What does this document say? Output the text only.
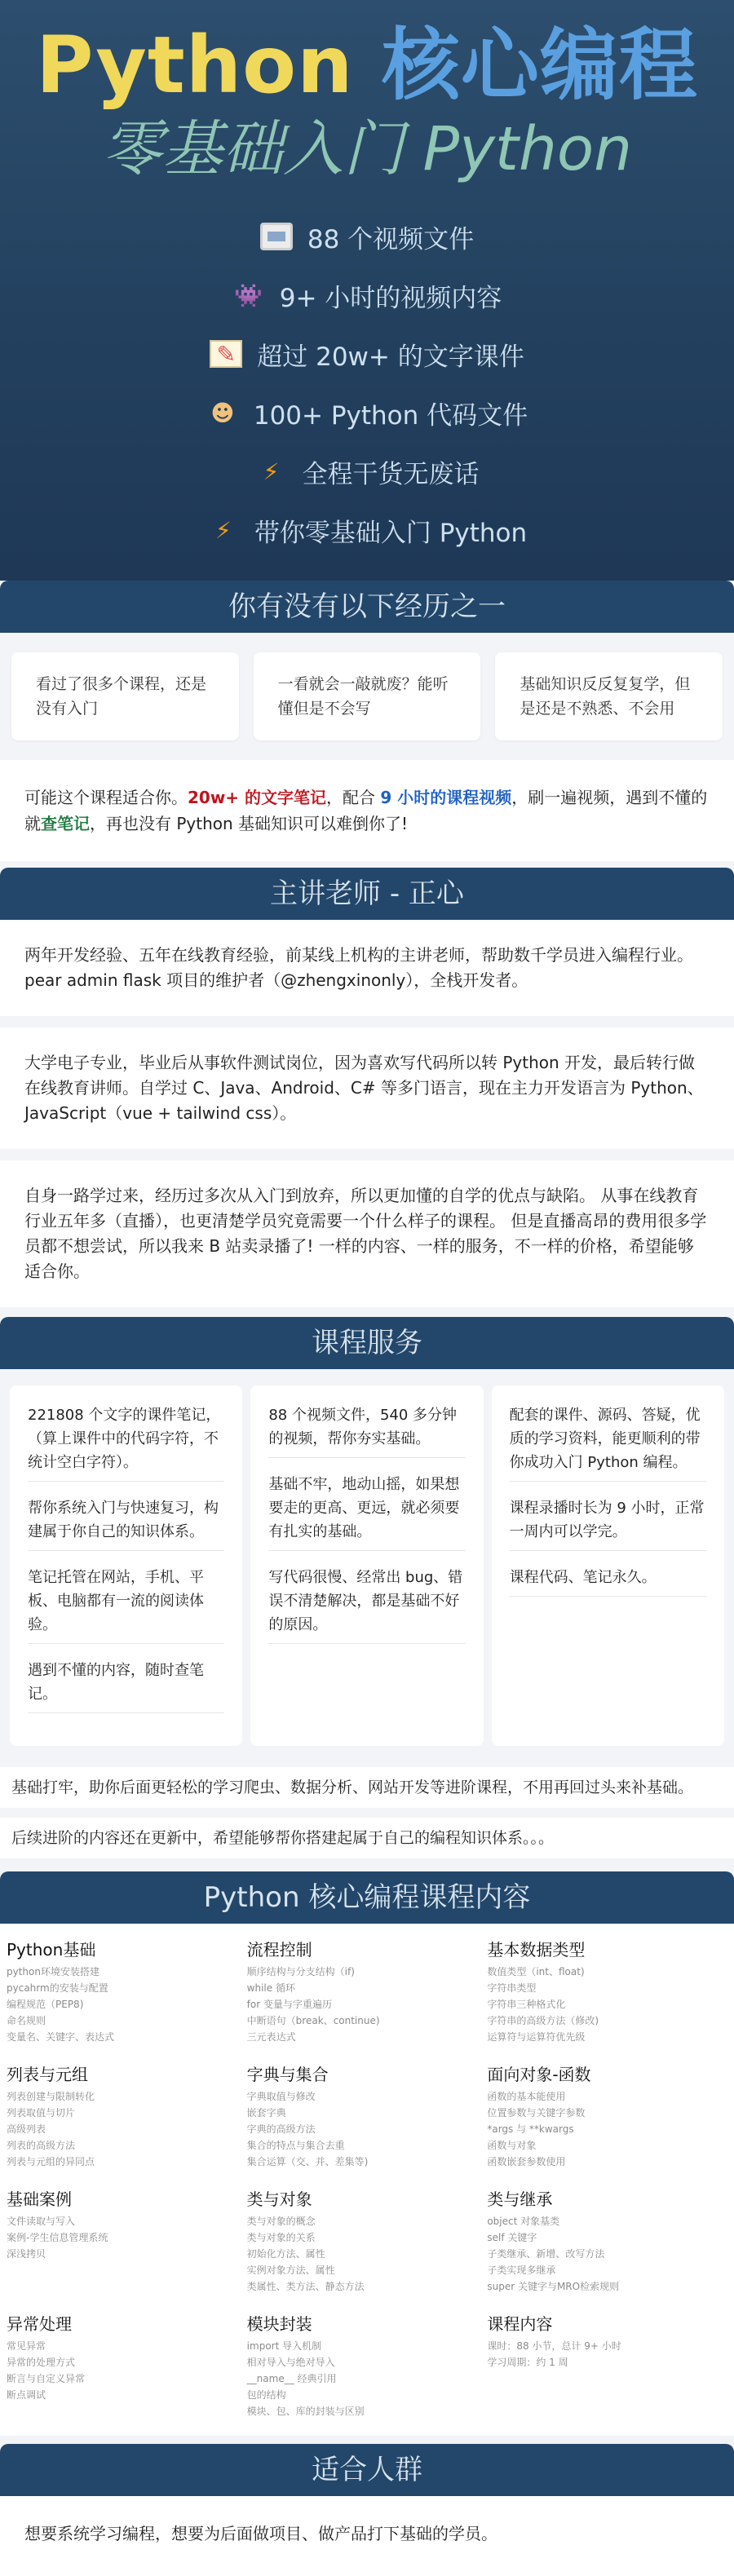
Python 核心编程
零基础入门 Python
88 个视频文件
👾 9+ 小时的视频内容
✎ 超过 20w+ 的文字课件
☻ 100+ Python 代码文件
⚡ 全程干货无废话
⚡ 带你零基础入门 Python
你有没有以下经历之一
看过了很多个课程，还是没有入门
一看就会一敲就废？能听懂但是不会写
基础知识反反复复学，但是还是不熟悉、不会用
可能这个课程适合你。20w+ 的文字笔记，配合 9 小时的课程视频，刷一遍视频，遇到不懂的就查笔记，再也没有 Python 基础知识可以难倒你了!
主讲老师 - 正心
两年开发经验、五年在线教育经验，前某线上机构的主讲老师，帮助数千学员进入编程行业。pear admin flask 项目的维护者（@zhengxinonly），全栈开发者。
大学电子专业，毕业后从事软件测试岗位，因为喜欢写代码所以转 Python 开发，最后转行做在线教育讲师。自学过 C、Java、Android、C# 等多门语言，现在主力开发语言为 Python、JavaScript（vue + tailwind css）。
自身一路学过来，经历过多次从入门到放弃，所以更加懂的自学的优点与缺陷。 从事在线教育行业五年多（直播），也更清楚学员究竟需要一个什么样子的课程。 但是直播高昂的费用很多学员都不想尝试，所以我来 B 站卖录播了! 一样的内容、一样的服务，不一样的价格，希望能够适合你。
课程服务
221808 个文字的课件笔记，（算上课件中的代码字符，不统计空白字符）。
帮你系统入门与快速复习，构建属于你自己的知识体系。
笔记托管在网站，手机、平板、电脑都有一流的阅读体验。
遇到不懂的内容，随时查笔记。
88 个视频文件，540 多分钟的视频，帮你夯实基础。
基础不牢，地动山摇，如果想要走的更高、更远，就必须要有扎实的基础。
写代码很慢、经常出 bug、错误不清楚解决，都是基础不好的原因。
配套的课件、源码、答疑，优质的学习资料，能更顺利的带你成功入门 Python 编程。
课程录播时长为 9 小时，正常一周内可以学完。
课程代码、笔记永久。
基础打牢，助你后面更轻松的学习爬虫、数据分析、网站开发等进阶课程，不用再回过头来补基础。
后续进阶的内容还在更新中，希望能够帮你搭建起属于自己的编程知识体系。。。
Python 核心编程课程内容
Python基础
python环境安装搭建
pycahrm的安装与配置
编程规范（PEP8)
命名规则
变量名、关键字、表达式
流程控制
顺序结构与分支结构（if)
while 循环
for 变量与字重遍历
中断语句（break、continue)
三元表达式
基本数据类型
数值类型（int、float)
字符串类型
字符串三种格式化
字符串的高级方法（修改)
运算符与运算符优先级
列表与元组
列表创建与限制转化
列表取值与切片
高级列表
列表的高级方法
列表与元组的异同点
字典与集合
字典取值与修改
嵌套字典
字典的高级方法
集合的特点与集合去重
集合运算（交、并、差集等)
面向对象-函数
函数的基本能使用
位置参数与关键字参数
*args 与 **kwargs
函数与对象
函数嵌套参数使用
基础案例
文件读取与写入
案例-学生信息管理系统
深浅拷贝
类与对象
类与对象的概念
类与对象的关系
初始化方法、属性
实例对象方法、属性
类属性、类方法、静态方法
类与继承
object 对象基类
self 关键字
子类继承、新增、改写方法
子类实现多继承
super 关键字与MRO检索规则
异常处理
常见异常
异常的处理方式
断言与自定义异常
断点调试
模块封装
import 导入机制
相对导入与绝对导入
__name__ 经典引用
包的结构
模块、包、库的封装与区别
课程内容
课时：88 小节，总计 9+ 小时
学习周期：约 1 周
适合人群
想要系统学习编程，想要为后面做项目、做产品打下基础的学员。
